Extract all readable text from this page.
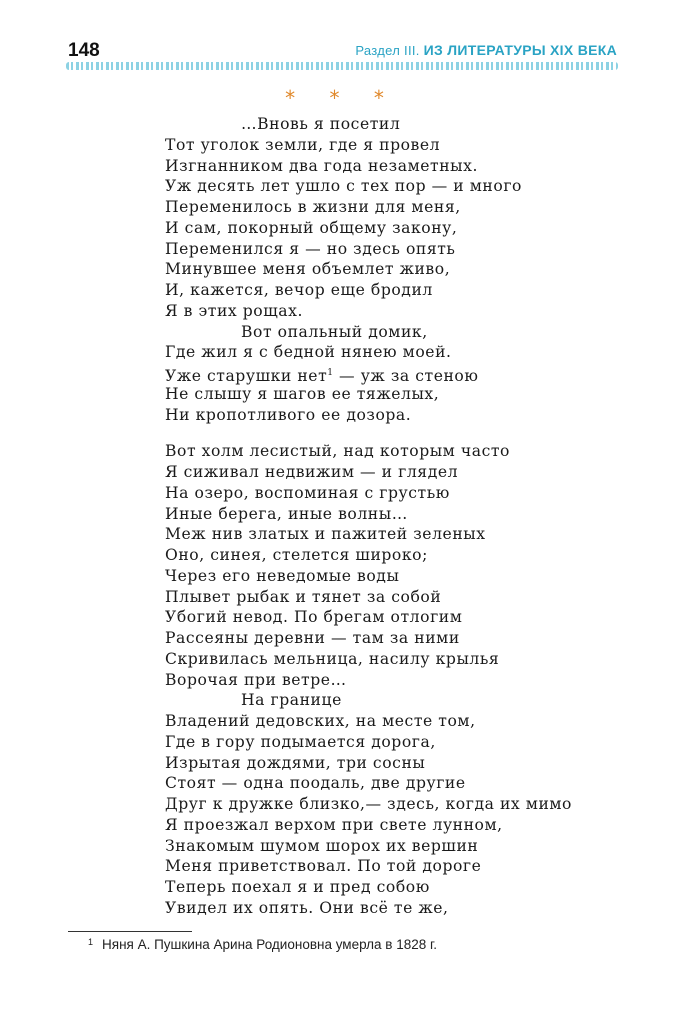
148	Раздел III. ИЗ ЛИТЕРАТУРЫ XIX ВЕКА
* * *
…Вновь я посетил
Тот уголок земли, где я провел
Изгнанником два года незаметных.
Уж десять лет ушло с тех пор — и много
Переменилось в жизни для меня,
И сам, покорный общему закону,
Переменился я — но здесь опять
Минувшее меня объемлет живо,
И, кажется, вечор еще бродил
Я в этих рощах.
Вот опальный домик,
Где жил я с бедной нянею моей.
Уже старушки нет$^1$ — уж за стеною
Не слышу я шагов ее тяжелых,
Ни кропотливого ее дозора.
Вот холм лесистый, над которым часто
Я сиживал недвижим — и глядел
На озеро, воспоминая с грустью
Иные берега, иные волны…
Меж нив златых и пажитей зеленых
Оно, синея, стелется широко;
Через его неведомые воды
Плывет рыбак и тянет за собой
Убогий невод. По брегам отлогим
Рассеяны деревни — там за ними
Скривилась мельница, насилу крылья
Ворочая при ветре…
На границе
Владений дедовских, на месте том,
Где в гору подымается дорога,
Изрытая дождями, три сосны
Стоят — одна поодаль, две другие
Друг к дружке близко,— здесь, когда их мимо
Я проезжал верхом при свете лунном,
Знакомым шумом шорох их вершин
Меня приветствовал. По той дороге
Теперь поехал я и пред собою
Увидел их опять. Они всё те же,
$^1$ Няня А. Пушкина Арина Родионовна умерла в 1828 г.
